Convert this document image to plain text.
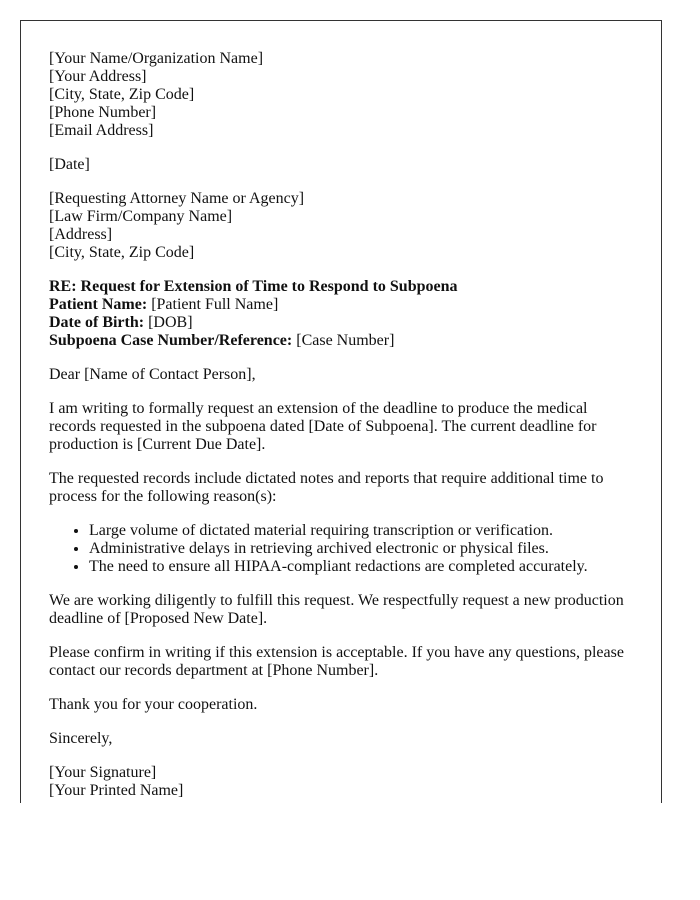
[Your Name/Organization Name]
[Your Address]
[City, State, Zip Code]
[Phone Number]
[Email Address]

[Date]

[Requesting Attorney Name or Agency]
[Law Firm/Company Name]
[Address]
[City, State, Zip Code]

RE: Request for Extension of Time to Respond to Subpoena
Patient Name: [Patient Full Name]
Date of Birth: [DOB]
Subpoena Case Number/Reference: [Case Number]

Dear [Name of Contact Person],

I am writing to formally request an extension of the deadline to produce the medical records requested in the subpoena dated [Date of Subpoena]. The current deadline for production is [Current Due Date].

The requested records include dictated notes and reports that require additional time to process for the following reason(s):

• Large volume of dictated material requiring transcription or verification.
• Administrative delays in retrieving archived electronic or physical files.
• The need to ensure all HIPAA-compliant redactions are completed accurately.

We are working diligently to fulfill this request. We respectfully request a new production deadline of [Proposed New Date].

Please confirm in writing if this extension is acceptable. If you have any questions, please contact our records department at [Phone Number].

Thank you for your cooperation.

Sincerely,

[Your Signature]
[Your Printed Name]
